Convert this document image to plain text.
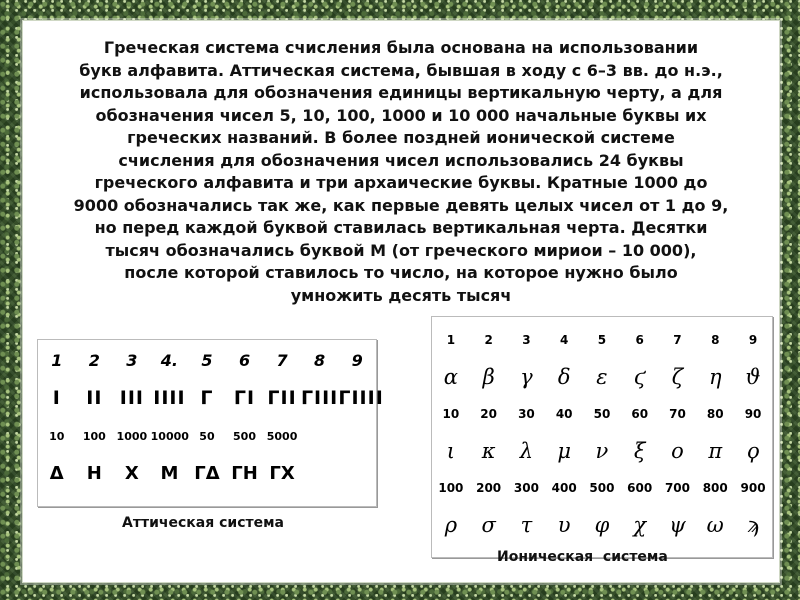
Греческая система счисления была основана на использовании
букв алфавита. Аттическая система, бывшая в ходу с 6–3 вв. до н.э.,
использовала для обозначения единицы вертикальную черту, а для
обозначения чисел 5, 10, 100, 1000 и 10 000 начальные буквы их
греческих названий. В более поздней ионической системе
счисления для обозначения чисел использовались 24 буквы
греческого алфавита и три архаические буквы. Кратные 1000 до
9000 обозначались так же, как первые девять целых чисел от 1 до 9,
но перед каждой буквой ставилась вертикальная черта. Десятки
тысяч обозначались буквой М (от греческого мириои – 10 000),
после которой ставилось то число, на которое нужно было
умножить десять тысяч

1	2	3	4.	5	6	7	8	9
I	II	III	IIII	Γ	ΓI	ΓII	ΓIII	ΓIIII
10	100	1000	10000	50	500	5000		
Δ	Η	Χ	Μ	ΓΔ	ΓΗ	ΓΧ		
Аттическая система
1	2	3	4	5	6	7	8	9
α	β	γ	δ	ε	ϛ	ζ	η	ϑ
10	20	30	40	50	60	70	80	90
ι	κ	λ	μ	ν	ξ	ο	π	ϙ
100	200	300	400	500	600	700	800	900
ρ	σ	τ	υ	φ	χ	ψ	ω	ϡ
Ионическая  система
